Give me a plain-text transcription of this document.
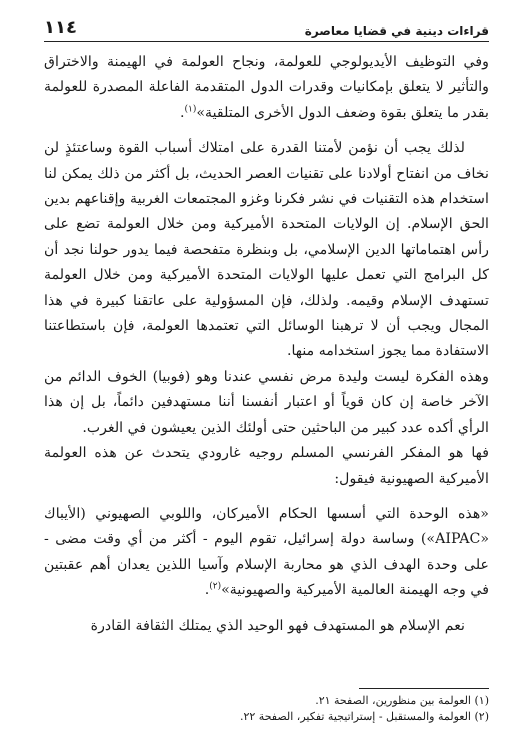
قراءات دينية في قضايا معاصرة
١١٤

وفي التوظيف الأيديولوجي للعولمة، ونجاح العولمة في الهيمنة والاختراق والتأثير لا يتعلق بإمكانيات وقدرات الدول المتقدمة الفاعلة المصدرة للعولمة بقدر ما يتعلق بقوة وضعف الدول الأخرى المتلقية»$^{(١)}$.

لذلك يجب أن نؤمن لأمتنا القدرة على امتلاك أسباب القوة وساعتئذٍ لن نخاف من انفتاح أولادنا على تقنيات العصر الحديث، بل أكثر من ذلك يمكن لنا استخدام هذه التقنيات في نشر فكرنا وغزو المجتمعات الغربية وإقناعهم بدين الحق الإسلام. إن الولايات المتحدة الأميركية ومن خلال العولمة تضع على رأس اهتماماتها الدين الإسلامي، بل وبنظرة متفحصة فيما يدور حولنا نجد أن كل البرامج التي تعمل عليها الولايات المتحدة الأميركية ومن خلال العولمة تستهدف الإسلام وقيمه. ولذلك، فإن المسؤولية على عاتقنا كبيرة في هذا المجال ويجب أن لا ترهبنا الوسائل التي تعتمدها العولمة، فإن باستطاعتنا الاستفادة مما يجوز استخدامه منها.

وهذه الفكرة ليست وليدة مرض نفسي عندنا وهو (فوبيا) الخوف الدائم من الآخر خاصة إن كان قوياً أو اعتبار أنفسنا أننا مستهدفين دائماً، بل إن هذا الرأي أكده عدد كبير من الباحثين حتى أولئك الذين يعيشون في الغرب.

فها هو المفكر الفرنسي المسلم روجيه غارودي يتحدث عن هذه العولمة الأميركية الصهيونية فيقول:

«هذه الوحدة التي أسسها الحكام الأميركان، واللوبي الصهيوني (الأيباك «AIPAC») وساسة دولة إسرائيل، تقوم اليوم - أكثر من أي وقت مضى - على وحدة الهدف الذي هو محاربة الإسلام وآسيا اللذين يعدان أهم عقبتين في وجه الهيمنة العالمية الأميركية والصهيونية»$^{(٢)}$.

نعم الإسلام هو المستهدف فهو الوحيد الذي يمتلك الثقافة القادرة

(١) العولمة بين منظورين، الصفحة ٢١.
(٢) العولمة والمستقبل - إستراتيجية تفكير، الصفحة ٢٢.
